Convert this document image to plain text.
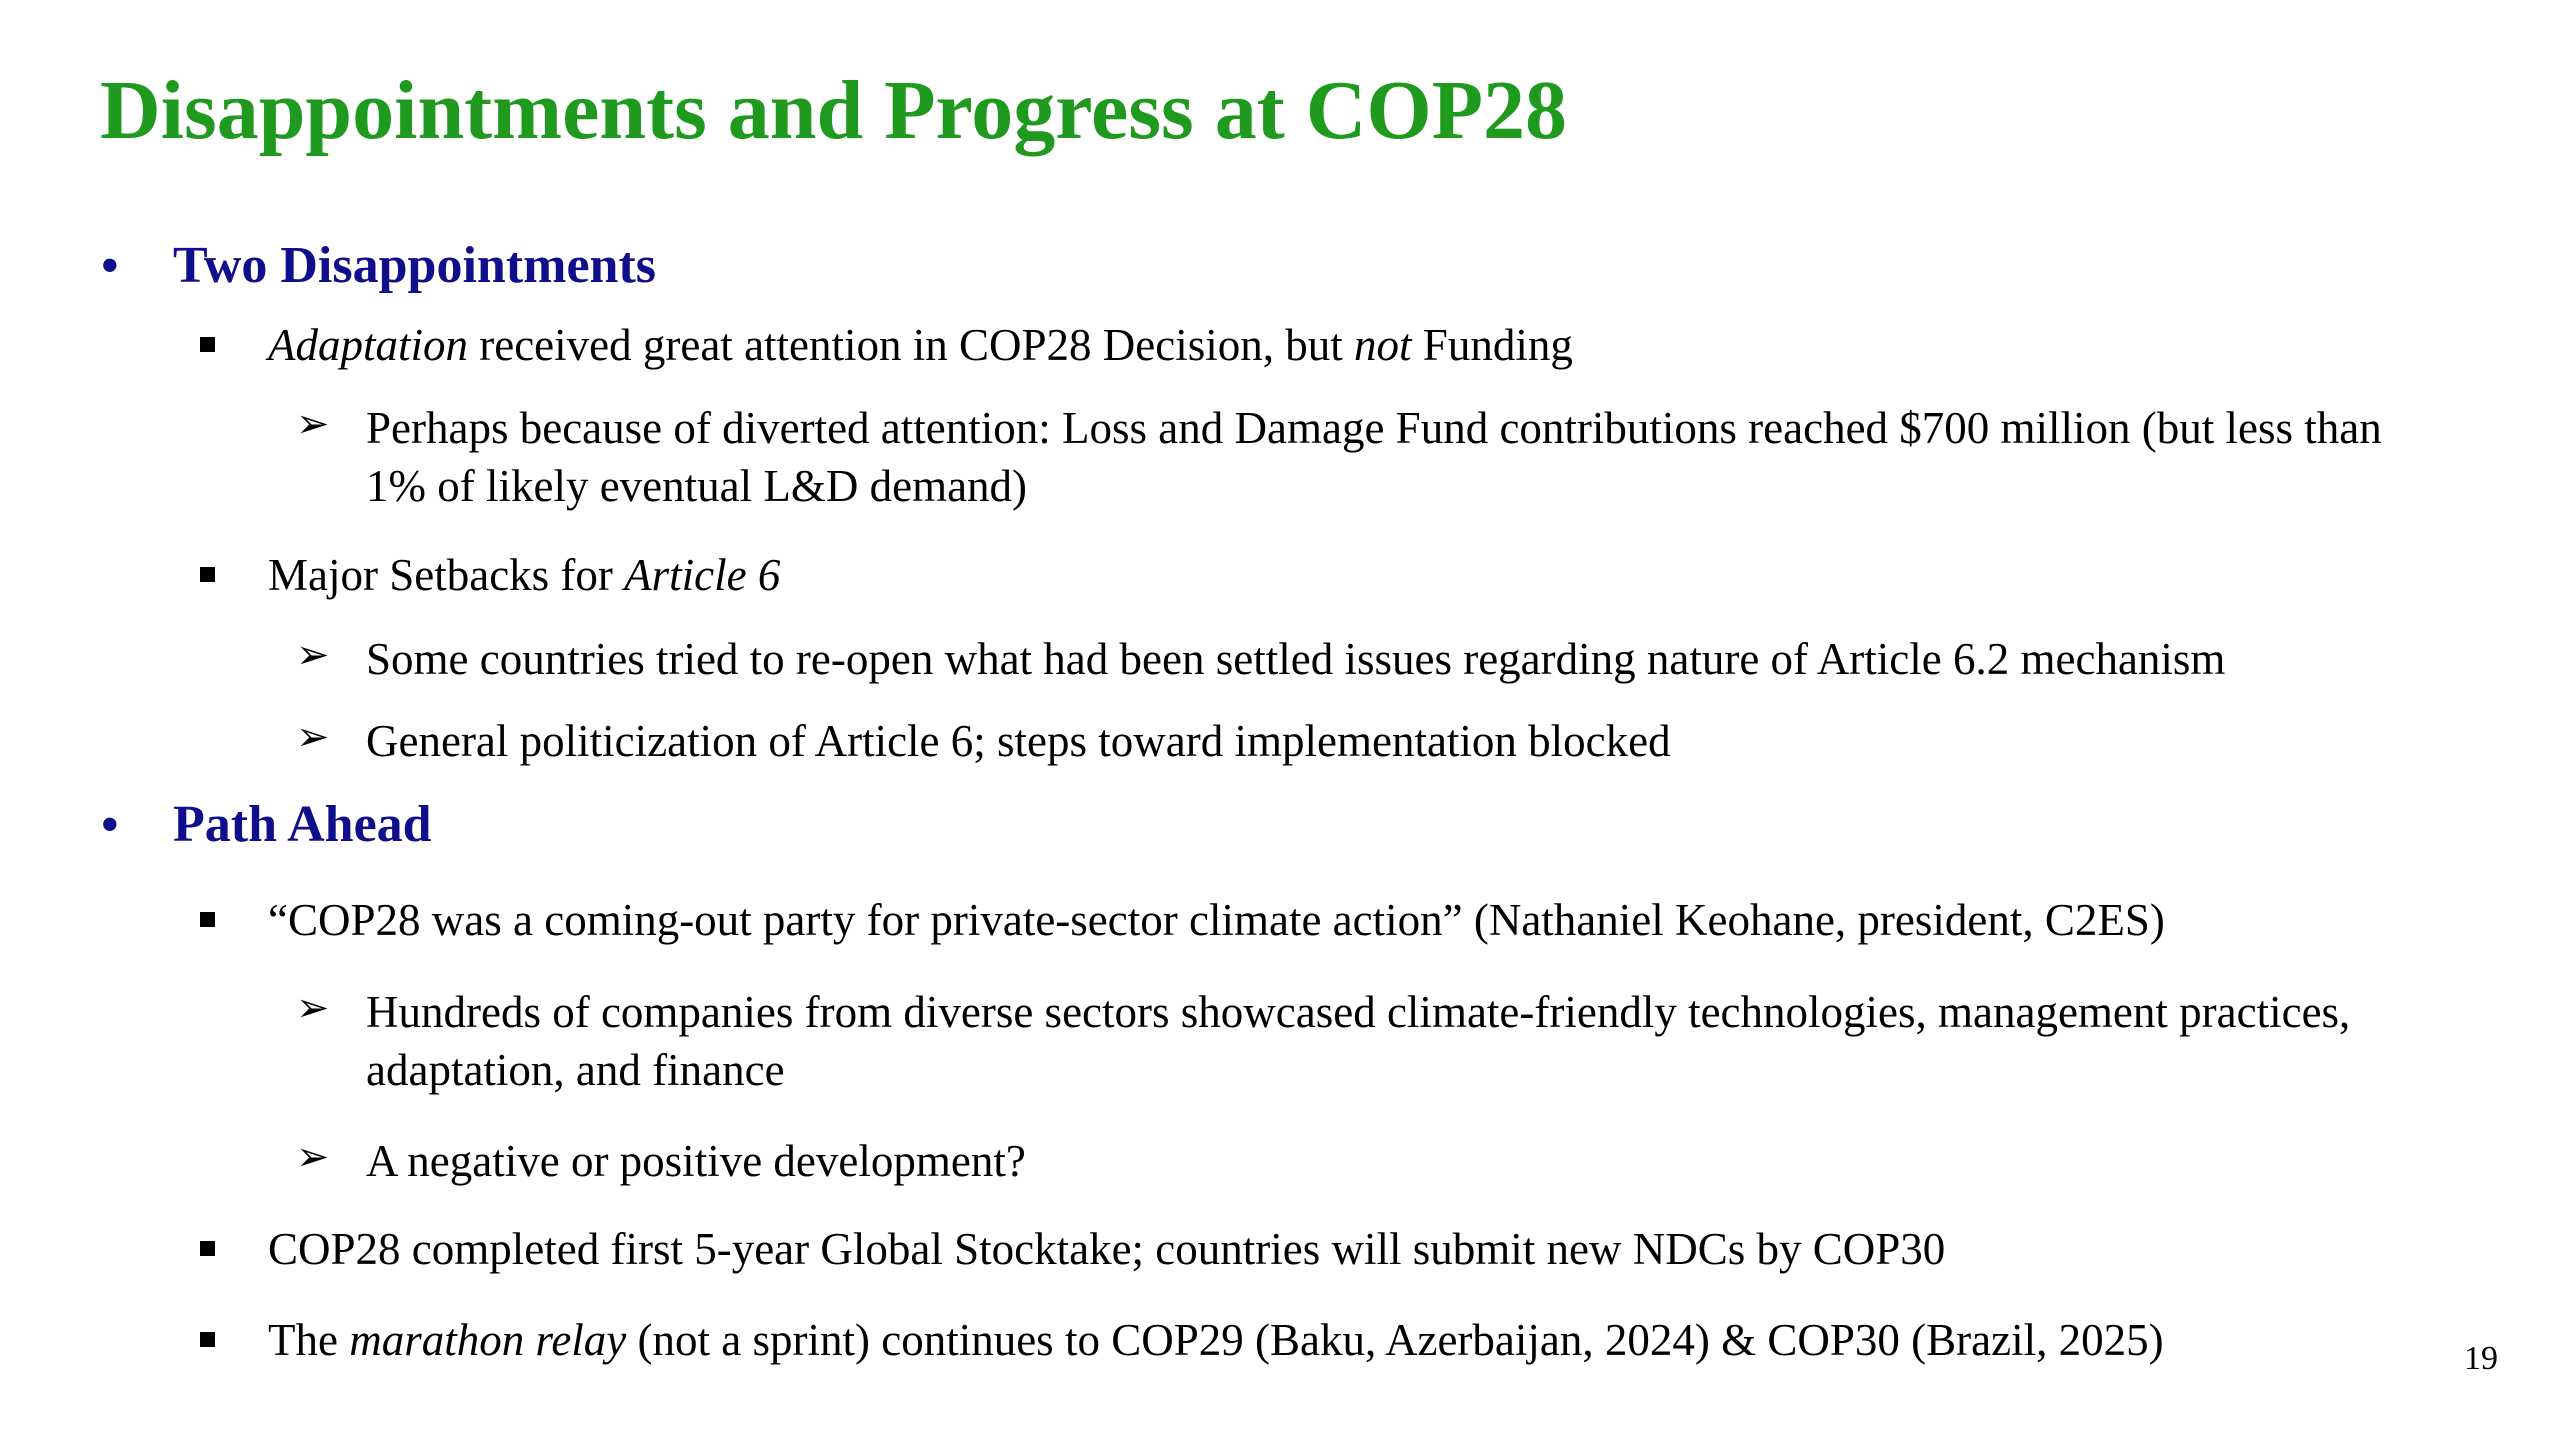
Disappointments and Progress at COP28
• Two Disappointments
Adaptation received great attention in COP28 Decision, but not Funding
➢ Perhaps because of diverted attention: Loss and Damage Fund contributions reached $700 million (but less than 1% of likely eventual L&D demand)
Major Setbacks for Article 6
➢ Some countries tried to re-open what had been settled issues regarding nature of Article 6.2 mechanism
➢ General politicization of Article 6; steps toward implementation blocked
• Path Ahead
“COP28 was a coming-out party for private-sector climate action” (Nathaniel Keohane, president, C2ES)
➢ Hundreds of companies from diverse sectors showcased climate-friendly technologies, management practices, adaptation, and finance
➢ A negative or positive development?
COP28 completed first 5-year Global Stocktake; countries will submit new NDCs by COP30
The marathon relay (not a sprint) continues to COP29 (Baku, Azerbaijan, 2024) & COP30 (Brazil, 2025)	19
